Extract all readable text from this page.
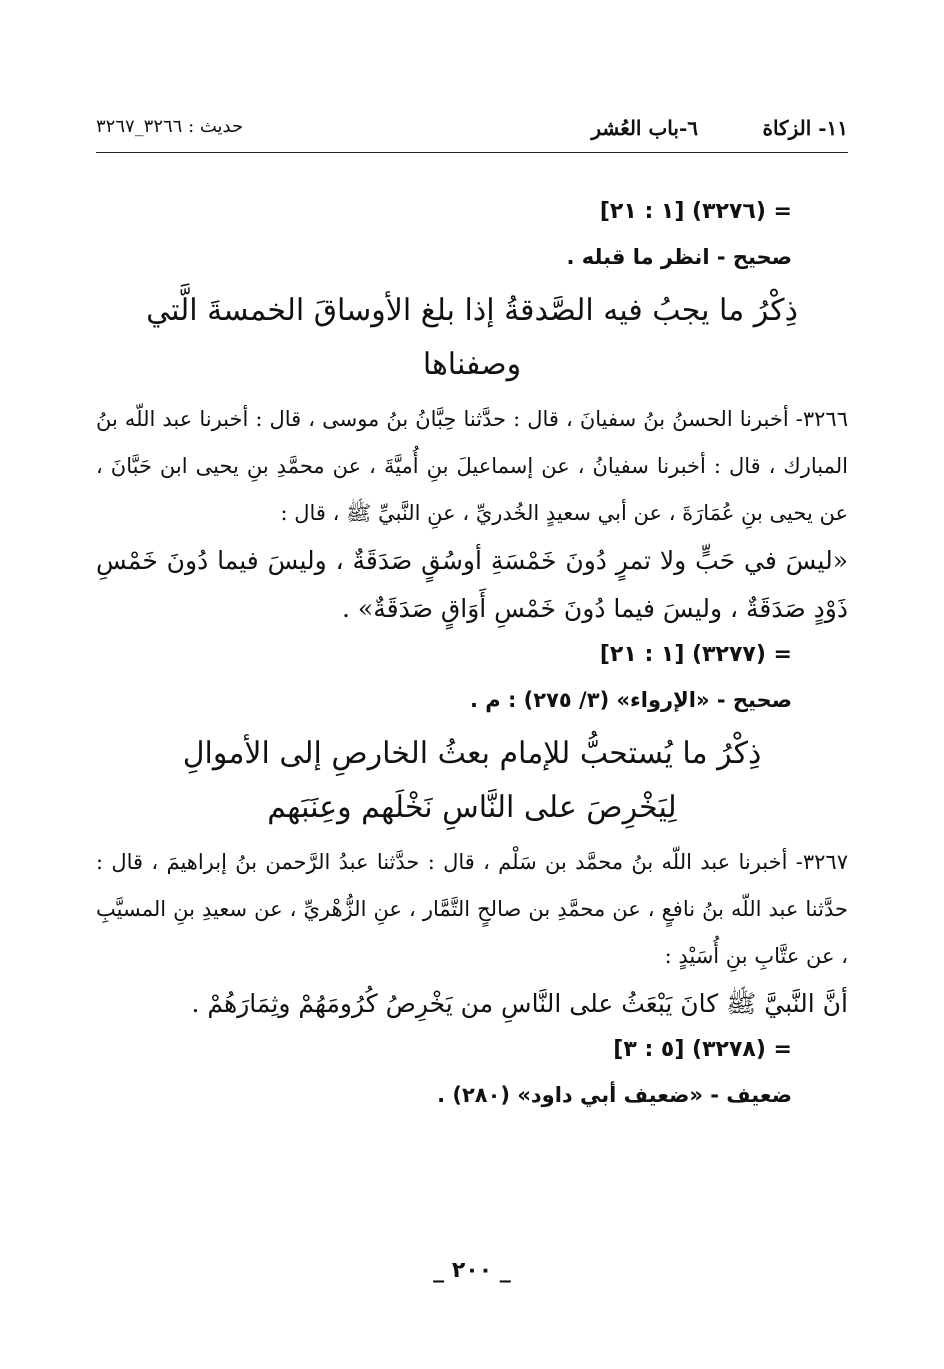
١١- الزكاة
٦-باب العُشر
حديث : ٣٢٦٦_٣٢٦٧
= (٣٢٧٦) [١ : ٢١]
صحيح - انظر ما قبله .
ذِكْرُ ما يجبُ فيه الصَّدقةُ إذا بلغ الأوساقَ الخمسةَ الَّتي
وصفناها
٣٢٦٦- أخبرنا الحسنُ بنُ سفيانَ ، قال : حدَّثنا حِبَّانُ بنُ موسى ، قال : أخبرنا عبد اللّه بنُ المبارك ، قال : أخبرنا سفيانُ ، عن إسماعيلَ بنِ أُميَّةَ ، عن محمَّدِ بنِ يحيى ابن حَبَّانَ ، عن يحيى بنِ عُمَارَةَ ، عن أبي سعيدٍ الخُدريِّ ، عنِ النَّبيِّ ﷺ ، قال :
«ليسَ في حَبٍّ ولا تمرٍ دُونَ خَمْسَةِ أوسُقٍ صَدَقَةٌ ، وليسَ فيما دُونَ خَمْسِ ذَوْدٍ صَدَقَةٌ ، وليسَ فيما دُونَ خَمْسِ أَوَاقٍ صَدَقَةٌ» .
= (٣٢٧٧) [١ : ٢١]
صحيح - «الإرواء» (٣/ ٢٧٥) : م .
ذِكْرُ ما يُستحبُّ للإمام بعثُ الخارصِ إلى الأموالِ
لِيَخْرِصَ على النَّاسِ نَخْلَهم وعِنَبَهم
٣٢٦٧- أخبرنا عبد اللّه بنُ محمَّد بن سَلْم ، قال : حدَّثنا عبدُ الرَّحمن بنُ إبراهيمَ ، قال : حدَّثنا عبد اللّه بنُ نافعٍ ، عن محمَّدِ بن صالحٍ التَّمَّار ، عنِ الزُّهْريِّ ، عن سعيدِ بنِ المسيَّبِ ، عن عتَّابِ بنِ أُسَيْدٍ :
أنَّ النَّبيَّ ﷺ كانَ يَبْعَثُ على النَّاسِ من يَخْرِصُ كُرُومَهُمْ وثِمَارَهُمْ .
= (٣٢٧٨) [٥ : ٣]
ضعيف - «ضعيف أبي داود» (٢٨٠) .
_ ٢٠٠ _
